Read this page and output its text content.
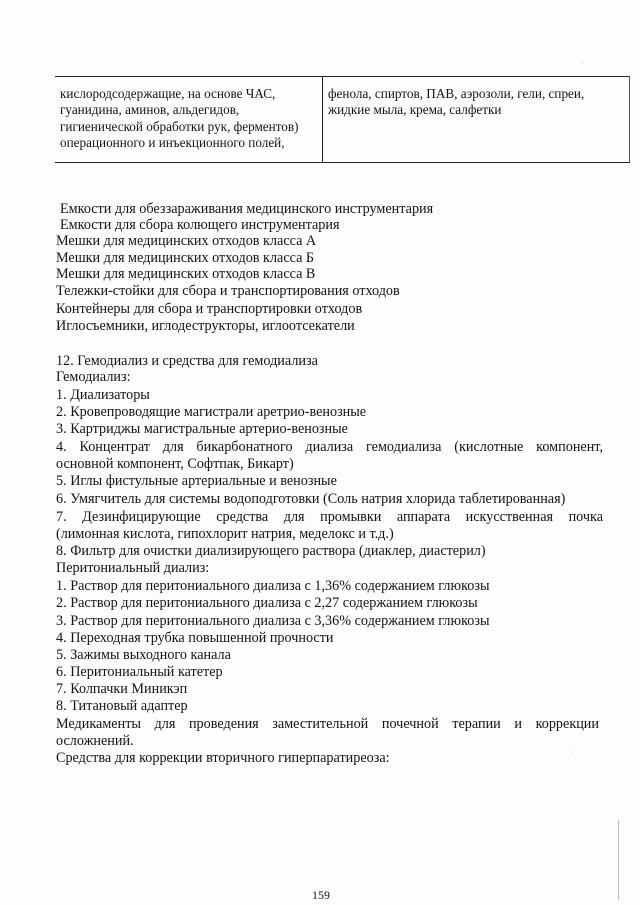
кислородсодержащие, на основе ЧАС, гуанидина, аминов, альдегидов, гигиенической обработки рук, ферментов) операционного и инъекционного полей,	фенола, спиртов, ПАВ, аэрозоли, гели, спреи, жидкие мыла, крема, салфетки
Емкости для обеззараживания медицинского инструментария
Емкости для сбора колющего инструментария
Мешки для медицинских отходов класса А
Мешки для медицинских отходов класса Б
Мешки для медицинских отходов класса В
Тележки-стойки для сбора и транспортирования отходов
Контейнеры для сбора и транспортировки отходов
Иглосъемники, иглодеструкторы, иглоотсекатели
12. Гемодиализ и средства для гемодиализа
Гемодиализ:
1. Диализаторы
2. Кровепроводящие магистрали аретрио-венозные
3. Картриджы магистральные артерио-венозные
4. Концентрат для бикарбонатного диализа гемодиализа (кислотные компонент,
основной компонент, Софтпак, Бикарт)
5. Иглы фистульные артериальные и венозные
6. Умягчитель для системы водоподготовки (Соль натрия хлорида таблетированная)
7. Дезинфицирующие средства для промывки аппарата искусственная почка
(лимонная кислота, гипохлорит натрия, меделокс и т.д.)
8. Фильтр для очистки диализирующего раствора (диаклер, диастерил)
Перитониальный диализ:
1. Раствор для перитониального диализа с 1,36% содержанием глюкозы
2. Раствор для перитониального диализа с 2,27 содержанием глюкозы
3. Раствор для перитониального диализа с 3,36% содержанием глюкозы
4. Переходная трубка повышенной прочности
5. Зажимы выходного канала
6. Перитониальный катетер
7. Колпачки Миникэп
8. Титановый адаптер
Медикаменты для проведения заместительной почечной терапии и коррекции
осложнений.
Средства для коррекции вторичного гиперпаратиреоза:
159
·
·
